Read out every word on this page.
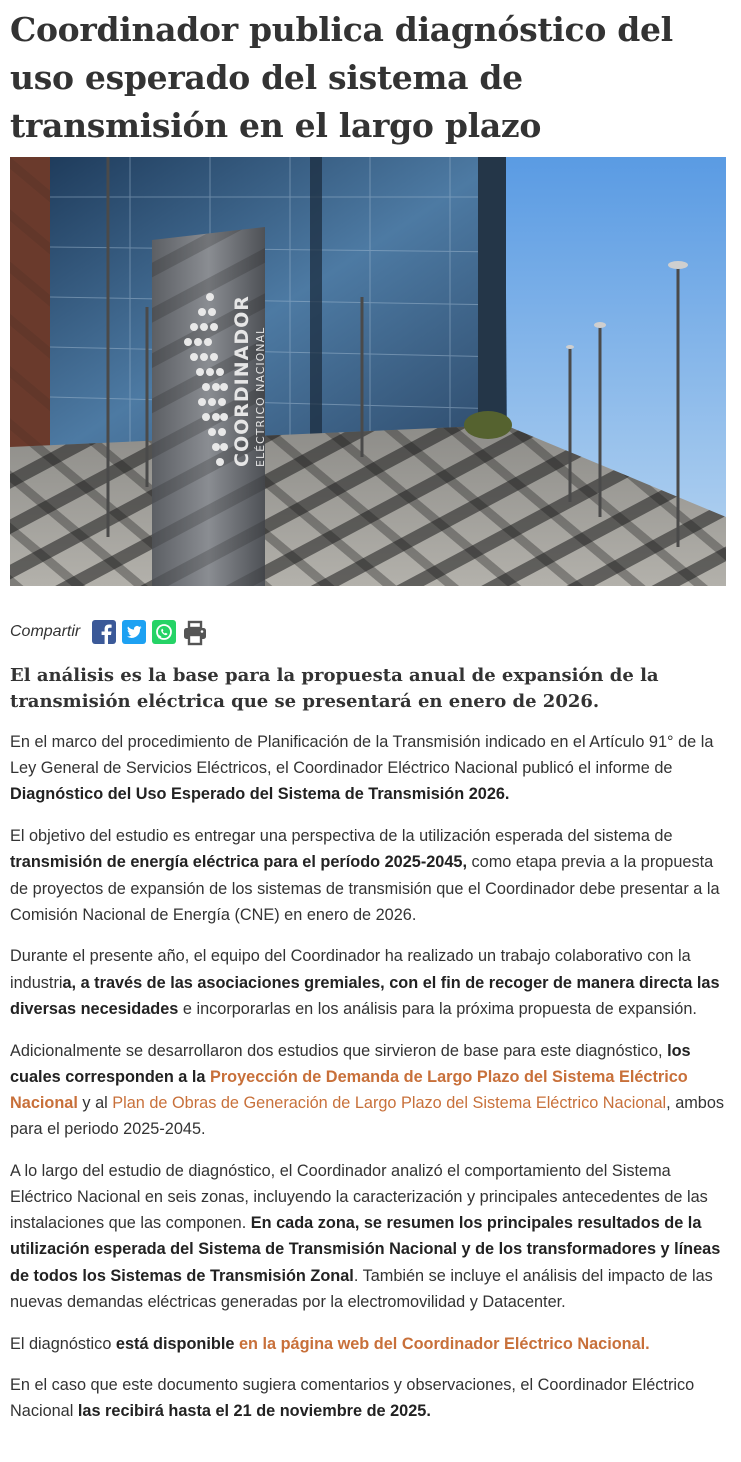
Coordinador publica diagnóstico del uso esperado del sistema de transmisión en el largo plazo
COORDINADOR ELÉCTRICO NACIONAL
Compartir

El análisis es la base para la propuesta anual de expansión de la transmisión eléctrica que se presentará en enero de 2026.

En el marco del procedimiento de Planificación de la Transmisión indicado en el Artículo 91° de la Ley General de Servicios Eléctricos, el Coordinador Eléctrico Nacional publicó el informe de Diagnóstico del Uso Esperado del Sistema de Transmisión 2026.

El objetivo del estudio es entregar una perspectiva de la utilización esperada del sistema de transmisión de energía eléctrica para el período 2025-2045, como etapa previa a la propuesta de proyectos de expansión de los sistemas de transmisión que el Coordinador debe presentar a la Comisión Nacional de Energía (CNE) en enero de 2026.

Durante el presente año, el equipo del Coordinador ha realizado un trabajo colaborativo con la industria, a través de las asociaciones gremiales, con el fin de recoger de manera directa las diversas necesidades e incorporarlas en los análisis para la próxima propuesta de expansión.

Adicionalmente se desarrollaron dos estudios que sirvieron de base para este diagnóstico, los cuales corresponden a la Proyección de Demanda de Largo Plazo del Sistema Eléctrico Nacional y al Plan de Obras de Generación de Largo Plazo del Sistema Eléctrico Nacional, ambos para el periodo 2025-2045.

A lo largo del estudio de diagnóstico, el Coordinador analizó el comportamiento del Sistema Eléctrico Nacional en seis zonas, incluyendo la caracterización y principales antecedentes de las instalaciones que las componen. En cada zona, se resumen los principales resultados de la utilización esperada del Sistema de Transmisión Nacional y de los transformadores y líneas de todos los Sistemas de Transmisión Zonal. También se incluye el análisis del impacto de las nuevas demandas eléctricas generadas por la electromovilidad y Datacenter.

El diagnóstico está disponible en la página web del Coordinador Eléctrico Nacional.

En el caso que este documento sugiera comentarios y observaciones, el Coordinador Eléctrico Nacional las recibirá hasta el 21 de noviembre de 2025.
